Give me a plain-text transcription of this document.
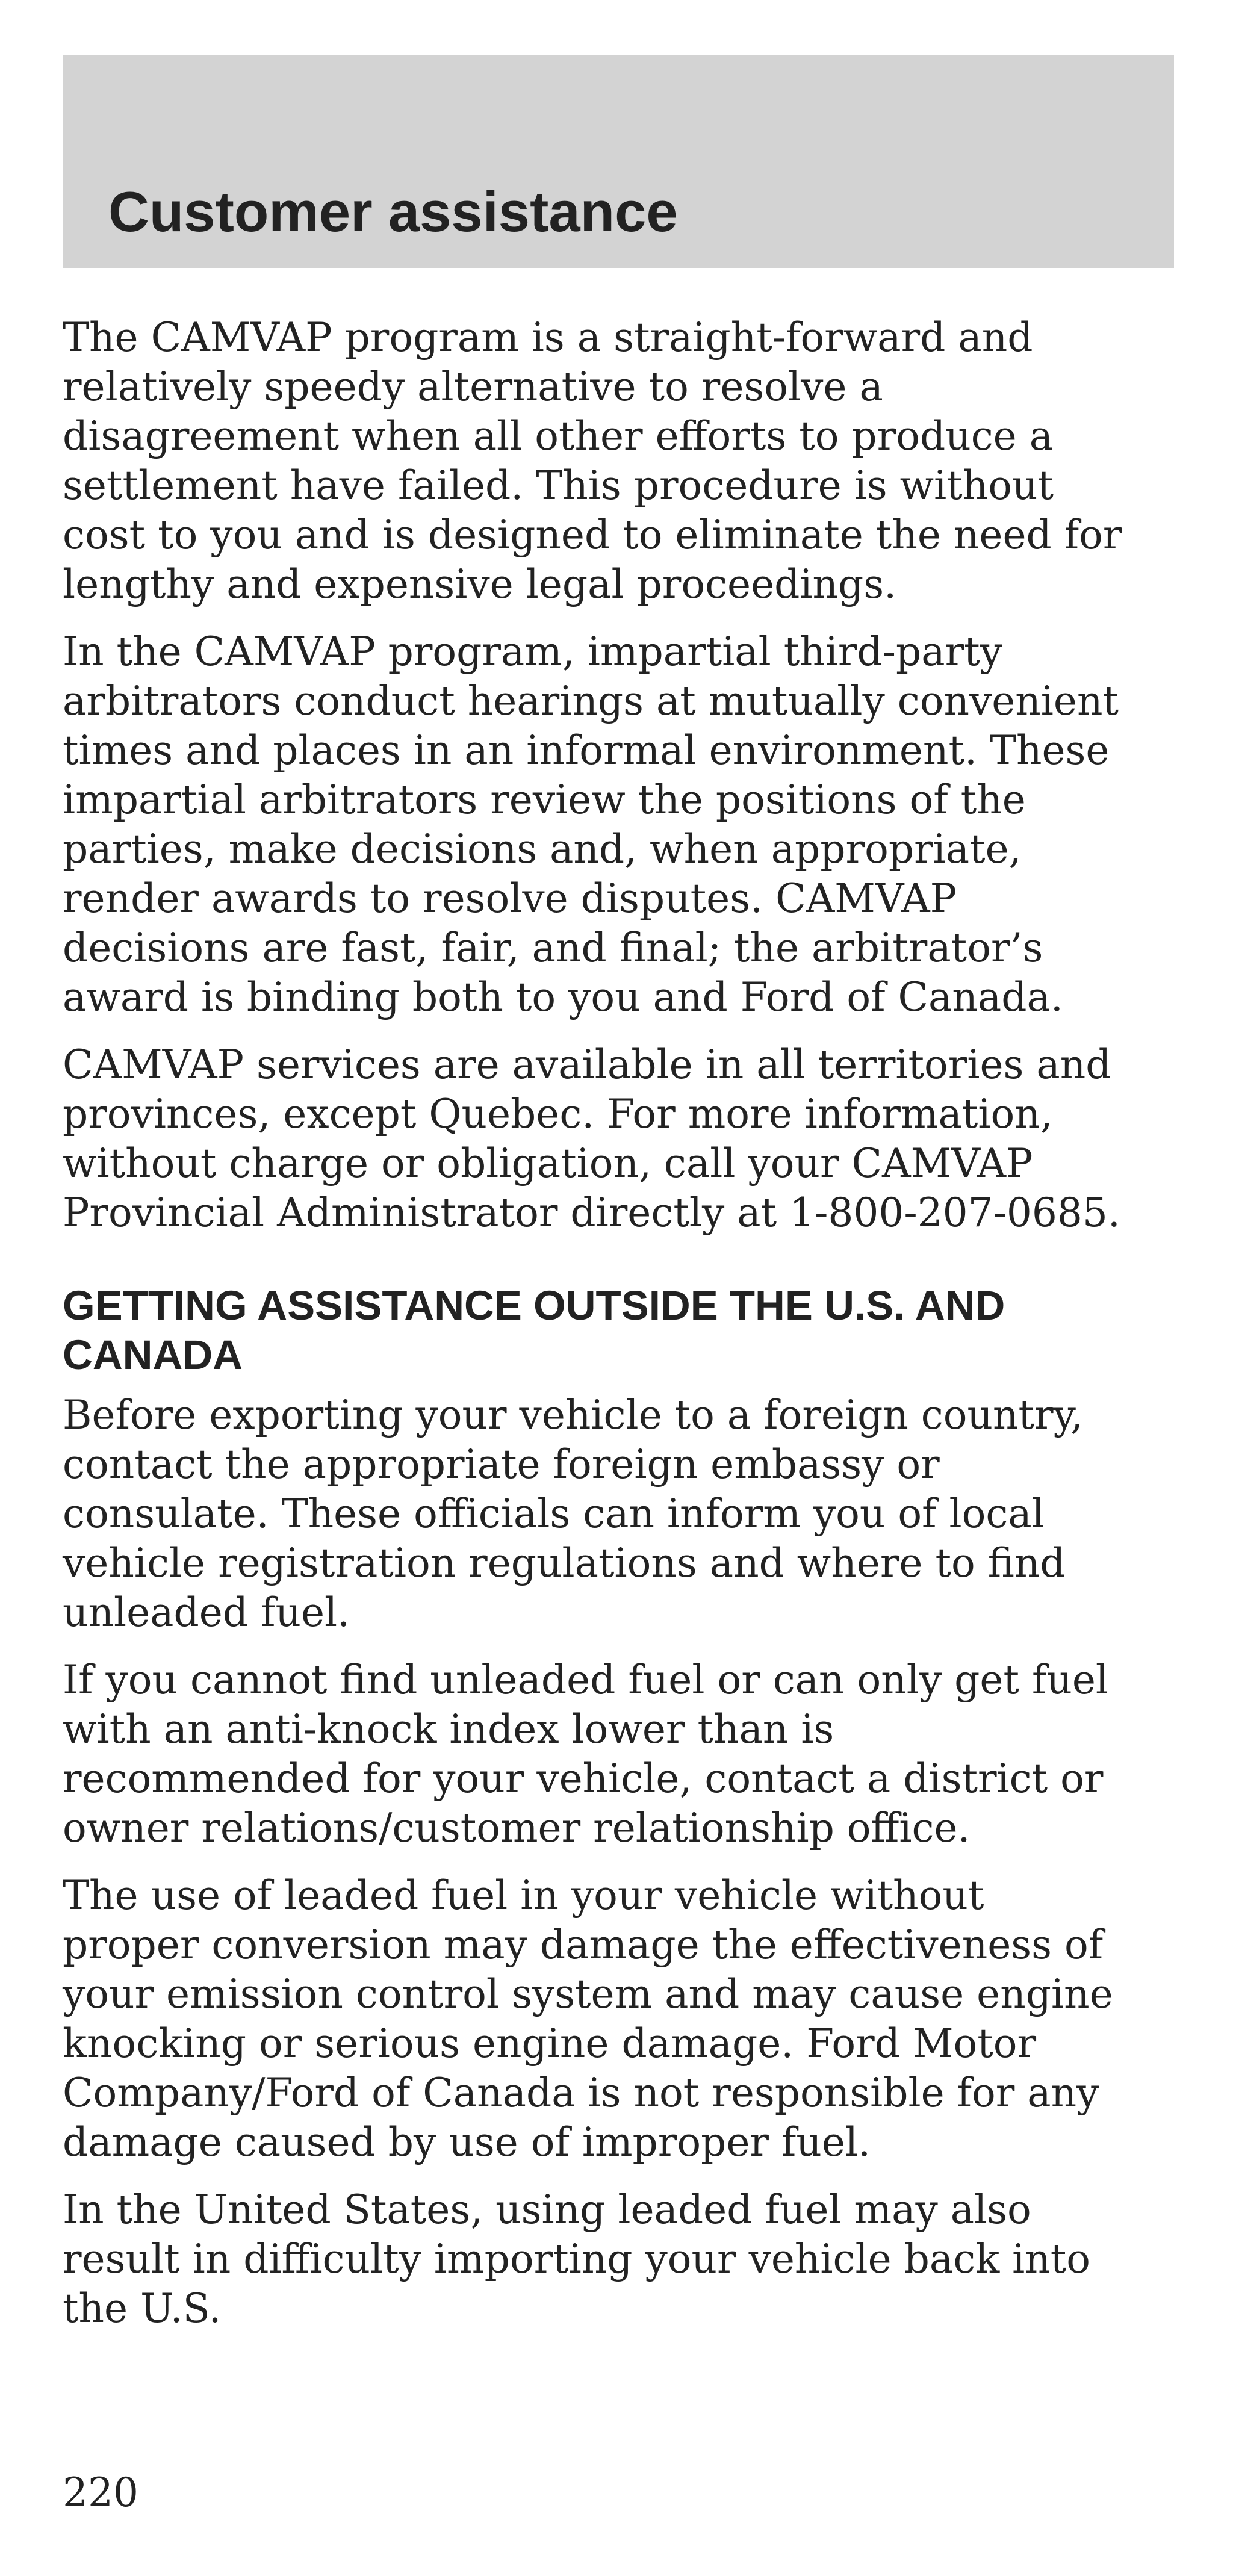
Customer assistance

The CAMVAP program is a straight-forward and
relatively speedy alternative to resolve a
disagreement when all other efforts to produce a
settlement have failed. This procedure is without
cost to you and is designed to eliminate the need for
lengthy and expensive legal proceedings.

In the CAMVAP program, impartial third-party
arbitrators conduct hearings at mutually convenient
times and places in an informal environment. These
impartial arbitrators review the positions of the
parties, make decisions and, when appropriate,
render awards to resolve disputes. CAMVAP
decisions are fast, fair, and final; the arbitrator’s
award is binding both to you and Ford of Canada.

CAMVAP services are available in all territories and
provinces, except Quebec. For more information,
without charge or obligation, call your CAMVAP
Provincial Administrator directly at 1-800-207-0685.

GETTING ASSISTANCE OUTSIDE THE U.S. AND
CANADA

Before exporting your vehicle to a foreign country,
contact the appropriate foreign embassy or
consulate. These officials can inform you of local
vehicle registration regulations and where to find
unleaded fuel.

If you cannot find unleaded fuel or can only get fuel
with an anti-knock index lower than is
recommended for your vehicle, contact a district or
owner relations/customer relationship office.

The use of leaded fuel in your vehicle without
proper conversion may damage the effectiveness of
your emission control system and may cause engine
knocking or serious engine damage. Ford Motor
Company/Ford of Canada is not responsible for any
damage caused by use of improper fuel.

In the United States, using leaded fuel may also
result in difficulty importing your vehicle back into
the U.S.

220
